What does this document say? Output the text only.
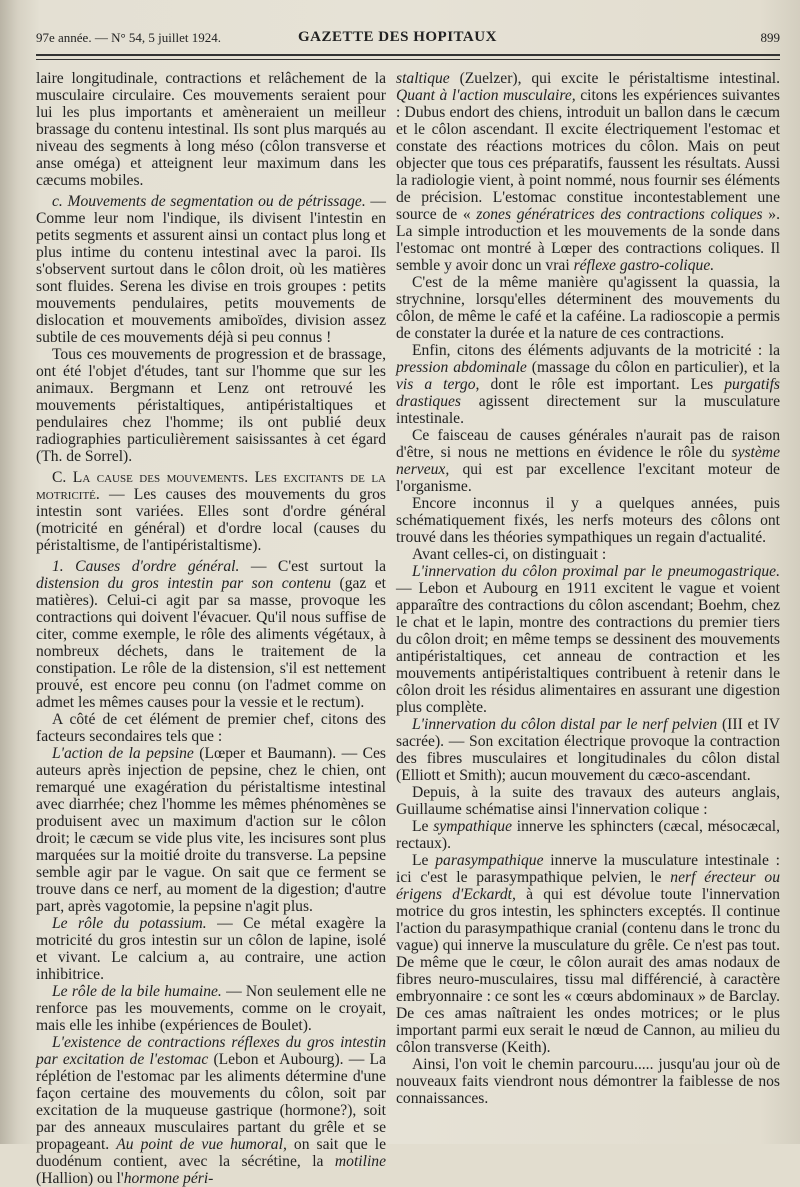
97e année. — N° 54, 5 juillet 1924.	GAZETTE DES HOPITAUX	899

laire longitudinale, contractions et relâchement de la musculaire circulaire. Ces mouvements seraient pour lui les plus importants et amèneraient un meilleur brassage du contenu intestinal. Ils sont plus marqués au niveau des segments à long méso (côlon transverse et anse oméga) et atteignent leur maximum dans les cæcums mobiles.

c. Mouvements de segmentation ou de pétrissage. — Comme leur nom l'indique, ils divisent l'intestin en petits segments et assurent ainsi un contact plus long et plus intime du contenu intestinal avec la paroi. Ils s'observent surtout dans le côlon droit, où les matières sont fluides. Serena les divise en trois groupes : petits mouvements pendulaires, petits mouvements de dislocation et mouvements amiboïdes, division assez subtile de ces mouvements déjà si peu connus !

Tous ces mouvements de progression et de brassage, ont été l'objet d'études, tant sur l'homme que sur les animaux. Bergmann et Lenz ont retrouvé les mouvements péristaltiques, antipéristaltiques et pendulaires chez l'homme; ils ont publié deux radiographies particulièrement saisissantes à cet égard (Th. de Sorrel).

C. La cause des mouvements. Les excitants de la motricité. — Les causes des mouvements du gros intestin sont variées. Elles sont d'ordre général (motricité en général) et d'ordre local (causes du péristaltisme, de l'antipéristaltisme).

1. Causes d'ordre général. — C'est surtout la distension du gros intestin par son contenu (gaz et matières). Celui-ci agit par sa masse, provoque les contractions qui doivent l'évacuer. Qu'il nous suffise de citer, comme exemple, le rôle des aliments végétaux, à nombreux déchets, dans le traitement de la constipation. Le rôle de la distension, s'il est nettement prouvé, est encore peu connu (on l'admet comme on admet les mêmes causes pour la vessie et le rectum).

A côté de cet élément de premier chef, citons des facteurs secondaires tels que :

L'action de la pepsine (Lœper et Baumann). — Ces auteurs après injection de pepsine, chez le chien, ont remarqué une exagération du péristaltisme intestinal avec diarrhée; chez l'homme les mêmes phénomènes se produisent avec un maximum d'action sur le côlon droit; le cæcum se vide plus vite, les incisures sont plus marquées sur la moitié droite du transverse. La pepsine semble agir par le vague. On sait que ce ferment se trouve dans ce nerf, au moment de la digestion; d'autre part, après vagotomie, la pepsine n'agit plus.

Le rôle du potassium. — Ce métal exagère la motricité du gros intestin sur un côlon de lapine, isolé et vivant. Le calcium a, au contraire, une action inhibitrice.

Le rôle de la bile humaine. — Non seulement elle ne renforce pas les mouvements, comme on le croyait, mais elle les inhibe (expériences de Boulet).

L'existence de contractions réflexes du gros intestin par excitation de l'estomac (Lebon et Aubourg). — La réplétion de l'estomac par les aliments détermine d'une façon certaine des mouvements du côlon, soit par excitation de la muqueuse gastrique (hormone?), soit par des anneaux musculaires partant du grêle et se propageant. Au point de vue humoral, on sait que le duodénum contient, avec la sécrétine, la motiline (Hallion) ou l'hormone péri-

staltique (Zuelzer), qui excite le péristaltisme intestinal. Quant à l'action musculaire, citons les expériences suivantes : Dubus endort des chiens, introduit un ballon dans le cæcum et le côlon ascendant. Il excite électriquement l'estomac et constate des réactions motrices du côlon. Mais on peut objecter que tous ces préparatifs, faussent les résultats. Aussi la radiologie vient, à point nommé, nous fournir ses éléments de précision. L'estomac constitue incontestablement une source de « zones génératrices des contractions coliques ». La simple introduction et les mouvements de la sonde dans l'estomac ont montré à Lœper des contractions coliques. Il semble y avoir donc un vrai réflexe gastro-colique.

C'est de la même manière qu'agissent la quassia, la strychnine, lorsqu'elles déterminent des mouvements du côlon, de même le café et la caféine. La radioscopie a permis de constater la durée et la nature de ces contractions.

Enfin, citons des éléments adjuvants de la motricité : la pression abdominale (massage du côlon en particulier), et la vis a tergo, dont le rôle est important. Les purgatifs drastiques agissent directement sur la musculature intestinale.

Ce faisceau de causes générales n'aurait pas de raison d'être, si nous ne mettions en évidence le rôle du système nerveux, qui est par excellence l'excitant moteur de l'organisme.

Encore inconnus il y a quelques années, puis schématiquement fixés, les nerfs moteurs des côlons ont trouvé dans les théories sympathiques un regain d'actualité.

Avant celles-ci, on distinguait :

L'innervation du côlon proximal par le pneumogastrique. — Lebon et Aubourg en 1911 excitent le vague et voient apparaître des contractions du côlon ascendant; Boehm, chez le chat et le lapin, montre des contractions du premier tiers du côlon droit; en même temps se dessinent des mouvements antipéristaltiques, cet anneau de contraction et les mouvements antipéristaltiques contribuent à retenir dans le côlon droit les résidus alimentaires en assurant une digestion plus complète.

L'innervation du côlon distal par le nerf pelvien (III et IV sacrée). — Son excitation électrique provoque la contraction des fibres musculaires et longitudinales du côlon distal (Elliott et Smith); aucun mouvement du cæco-ascendant.

Depuis, à la suite des travaux des auteurs anglais, Guillaume schématise ainsi l'innervation colique :

Le sympathique innerve les sphincters (cæcal, mésocæcal, rectaux).

Le parasympathique innerve la musculature intestinale : ici c'est le parasympathique pelvien, le nerf érecteur ou érigens d'Eckardt, à qui est dévolue toute l'innervation motrice du gros intestin, les sphincters exceptés. Il continue l'action du parasympathique cranial (contenu dans le tronc du vague) qui innerve la musculature du grêle. Ce n'est pas tout. De même que le cœur, le côlon aurait des amas nodaux de fibres neuro-musculaires, tissu mal différencié, à caractère embryonnaire : ce sont les « cœurs abdominaux » de Barclay. De ces amas naîtraient les ondes motrices; or le plus important parmi eux serait le nœud de Cannon, au milieu du côlon transverse (Keith).

Ainsi, l'on voit le chemin parcouru..... jusqu'au jour où de nouveaux faits viendront nous démontrer la faiblesse de nos connaissances.
